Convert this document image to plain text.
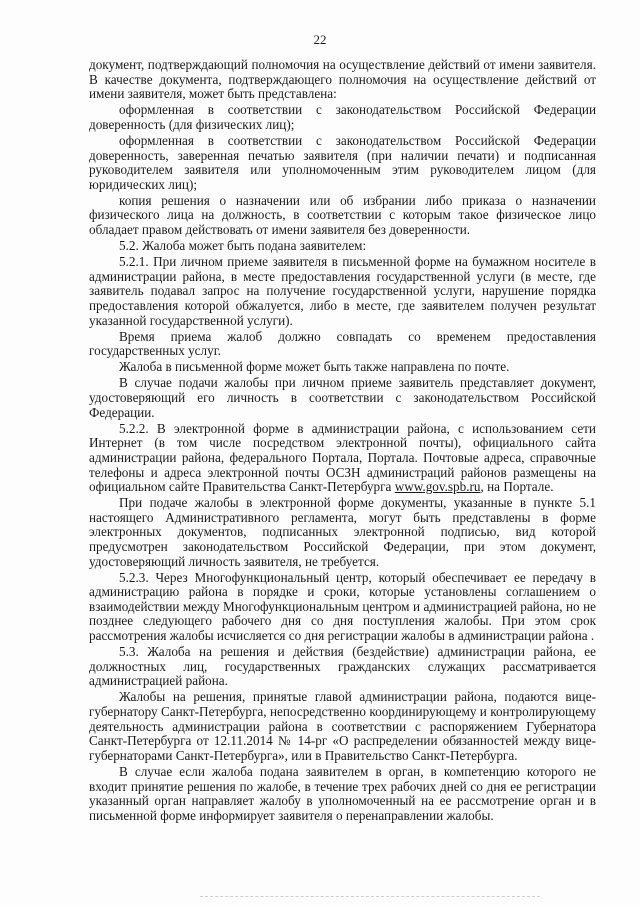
22

документ, подтверждающий полномочия на осуществление действий от имени заявителя. В качестве документа, подтверждающего полномочия на осуществление действий от имени заявителя, может быть представлена:

оформленная в соответствии с законодательством Российской Федерации доверенность (для физических лиц);

оформленная в соответствии с законодательством Российской Федерации доверенность, заверенная печатью заявителя (при наличии печати) и подписанная руководителем заявителя или уполномоченным этим руководителем лицом (для юридических лиц);

копия решения о назначении или об избрании либо приказа о назначении физического лица на должность, в соответствии с которым такое физическое лицо обладает правом действовать от имени заявителя без доверенности.

5.2. Жалоба может быть подана заявителем:

5.2.1. При личном приеме заявителя в письменной форме на бумажном носителе в администрации района, в месте предоставления государственной услуги (в месте, где заявитель подавал запрос на получение государственной услуги, нарушение порядка предоставления которой обжалуется, либо в месте, где заявителем получен результат указанной государственной услуги).

Время приема жалоб должно совпадать со временем предоставления государственных услуг.

Жалоба в письменной форме может быть также направлена по почте.

В случае подачи жалобы при личном приеме заявитель представляет документ, удостоверяющий его личность в соответствии с законодательством Российской Федерации.

5.2.2. В электронной форме в администрации района, с использованием сети Интернет (в том числе посредством электронной почты), официального сайта администрации района, федерального Портала, Портала. Почтовые адреса, справочные телефоны и адреса электронной почты ОСЗН администраций районов размещены на официальном сайте Правительства Санкт-Петербурга www.gov.spb.ru, на Портале.

При подаче жалобы в электронной форме документы, указанные в пункте 5.1 настоящего Административного регламента, могут быть представлены в форме электронных документов, подписанных электронной подписью, вид которой предусмотрен законодательством Российской Федерации, при этом документ, удостоверяющий личность заявителя, не требуется.

5.2.3. Через Многофункциональный центр, который обеспечивает ее передачу в администрацию района в порядке и сроки, которые установлены соглашением о взаимодействии между Многофункциональным центром и администрацией района, но не позднее следующего рабочего дня со дня поступления жалобы. При этом срок рассмотрения жалобы исчисляется со дня регистрации жалобы в администрации района .

5.3. Жалоба на решения и действия (бездействие) администрации района, ее должностных лиц, государственных гражданских служащих рассматривается администрацией района.

Жалобы на решения, принятые главой администрации района, подаются вице-губернатору Санкт-Петербурга, непосредственно координирующему и контролирующему деятельность администрации района в соответствии с распоряжением Губернатора Санкт-Петербурга от 12.11.2014 № 14-рг «О распределении обязанностей между вице-губернаторами Санкт-Петербурга», или в Правительство Санкт-Петербурга.

В случае если жалоба подана заявителем в орган, в компетенцию которого не входит принятие решения по жалобе, в течение трех рабочих дней со дня ее регистрации указанный орган направляет жалобу в уполномоченный на ее рассмотрение орган и в письменной форме информирует заявителя о перенаправлении жалобы.
